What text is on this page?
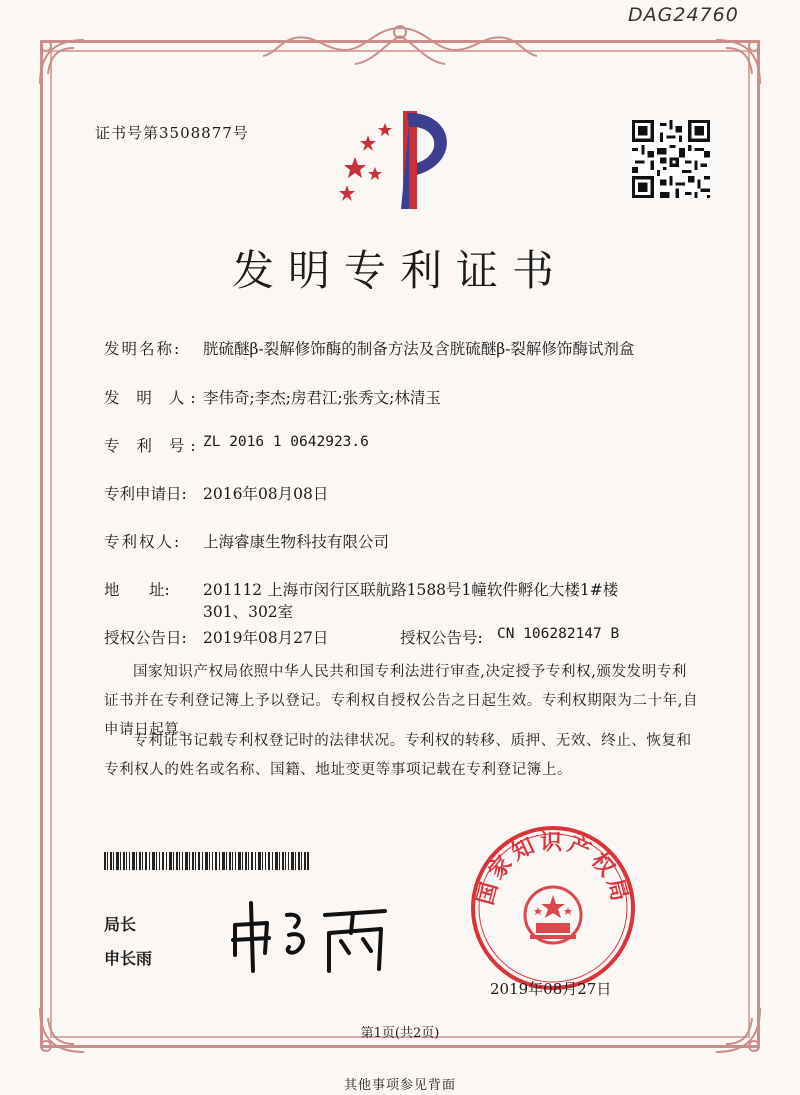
DAG24760
证书号第3508877号
发明专利证书
发明名称: 胱硫醚β-裂解修饰酶的制备方法及含胱硫醚β-裂解修饰酶试剂盒
发 明 人: 李伟奇;李杰;房君江;张秀文;林清玉
专 利 号: ZL 2016 1 0642923.6
专利申请日: 2016年08月08日
专利权人: 上海睿康生物科技有限公司
地      址: 201112 上海市闵行区联航路1588号1幢软件孵化大楼1#楼
301、302室
授权公告日: 2019年08月27日	授权公告号: CN 106282147 B
国家知识产权局依照中华人民共和国专利法进行审查,决定授予专利权,颁发发明专利证书并在专利登记簿上予以登记。专利权自授权公告之日起生效。专利权期限为二十年,自申请日起算。
专利证书记载专利权登记时的法律状况。专利权的转移、质押、无效、终止、恢复和专利权人的姓名或名称、国籍、地址变更等事项记载在专利登记簿上。
局长
申长雨
国家知识产权局
2019年08月27日
第1页(共2页)
其他事项参见背面
